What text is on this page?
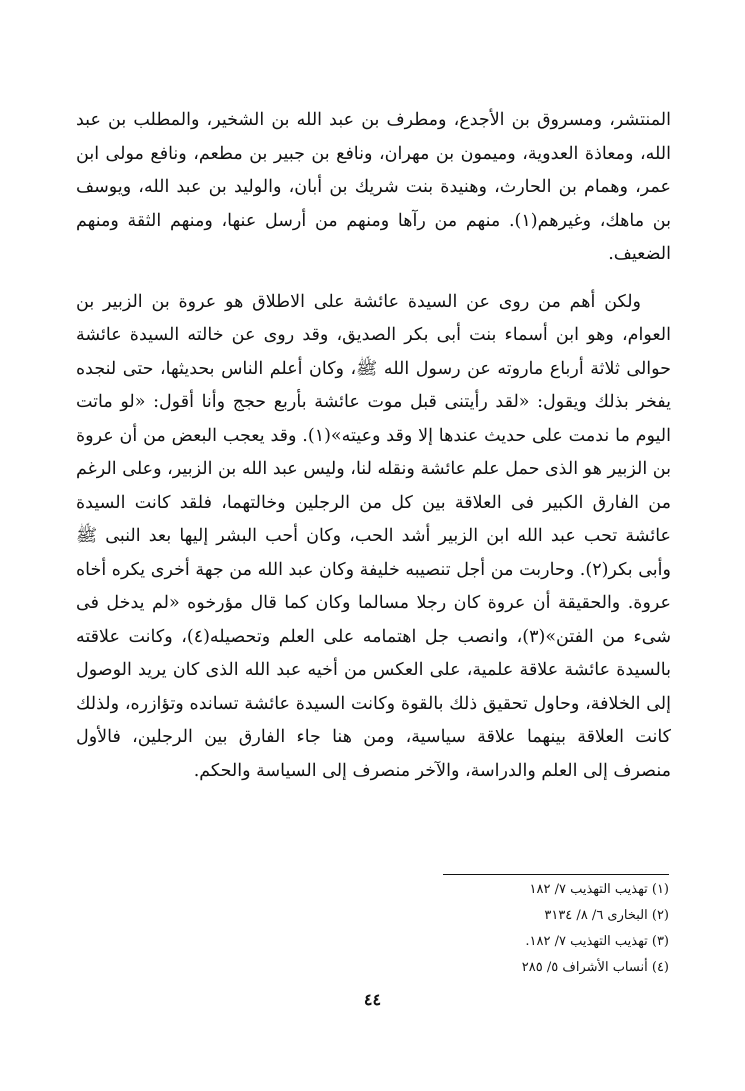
المنتشر، ومسروق بن الأجدع، ومطرف بن عبد الله بن الشخير، والمطلب بن عبد الله، ومعاذة العدوية، وميمون بن مهران، ونافع بن جبير بن مطعم، ونافع مولى ابن عمر، وهمام بن الحارث، وهنيدة بنت شريك بن أبان، والوليد بن عبد الله، ويوسف بن ماهك، وغيرهم(١). منهم من رآها ومنهم من أرسل عنها، ومنهم الثقة ومنهم الضعيف.

ولكن أهم من روى عن السيدة عائشة على الاطلاق هو عروة بن الزبير بن العوام، وهو ابن أسماء بنت أبى بكر الصديق، وقد روى عن خالته السيدة عائشة حوالى ثلاثة أرباع ماروته عن رسول الله ﷺ، وكان أعلم الناس بحديثها، حتى لنجده يفخر بذلك ويقول: «لقد رأيتنى قبل موت عائشة بأربع حجج وأنا أقول: «لو ماتت اليوم ما ندمت على حديث عندها إلا وقد وعيته»(١). وقد يعجب البعض من أن عروة بن الزبير هو الذى حمل علم عائشة ونقله لنا، وليس عبد الله بن الزبير، وعلى الرغم من الفارق الكبير فى العلاقة بين كل من الرجلين وخالتهما، فلقد كانت السيدة عائشة تحب عبد الله ابن الزبير أشد الحب، وكان أحب البشر إليها بعد النبى ﷺ وأبى بكر(٢). وحاربت من أجل تنصيبه خليفة وكان عبد الله من جهة أخرى يكره أخاه عروة. والحقيقة أن عروة كان رجلا مسالما وكان كما قال مؤرخوه «لم يدخل فى شىء من الفتن»(٣)، وانصب جل اهتمامه على العلم وتحصيله(٤)، وكانت علاقته بالسيدة عائشة علاقة علمية، على العكس من أخيه عبد الله الذى كان يريد الوصول إلى الخلافة، وحاول تحقيق ذلك بالقوة وكانت السيدة عائشة تسانده وتؤازره، ولذلك كانت العلاقة بينهما علاقة سياسية، ومن هنا جاء الفارق بين الرجلين، فالأول منصرف إلى العلم والدراسة، والآخر منصرف إلى السياسة والحكم.

(١) تهذيب التهذيب ٧/ ١٨٢
(٢) البخارى ٦/ ٨/ ٣١٣٤
(٣) تهذيب التهذيب ٧/ ١٨٢.
(٤) أنساب الأشراف ٥/ ٢٨٥
٤٤
